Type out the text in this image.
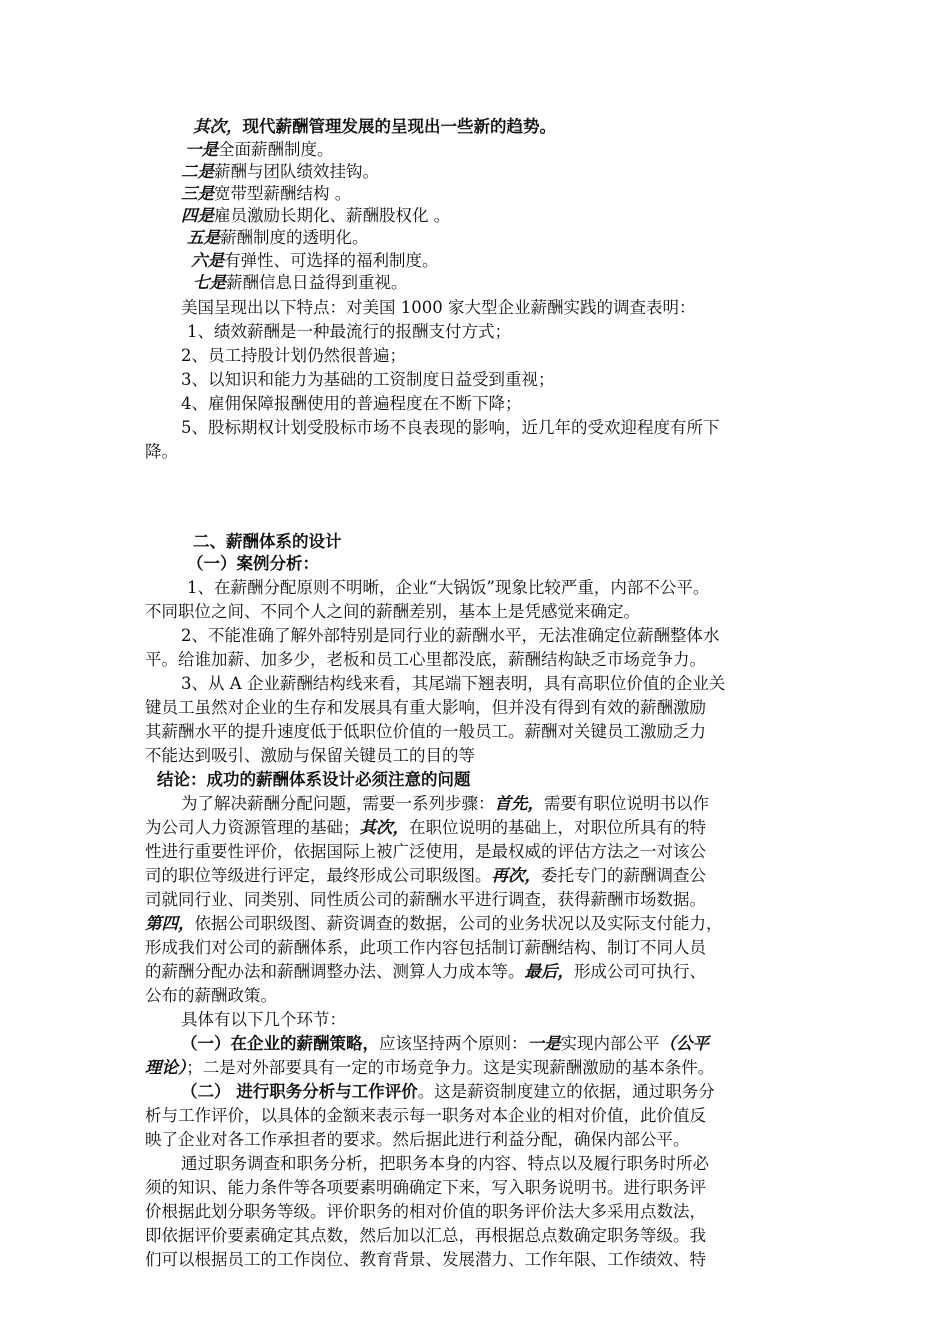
其次，现代薪酬管理发展的呈现出一些新的趋势。
一是全面薪酬制度。
二是薪酬与团队绩效挂钩。
三是宽带型薪酬结构 。
四是雇员激励长期化、薪酬股权化 。
五是薪酬制度的透明化。
六是有弹性、可选择的福利制度。
七是薪酬信息日益得到重视。
美国呈现出以下特点：对美国 1000 家大型企业薪酬实践的调查表明：
1、绩效薪酬是一种最流行的报酬支付方式；
2、员工持股计划仍然很普遍；
3、以知识和能力为基础的工资制度日益受到重视；
4、雇佣保障报酬使用的普遍程度在不断下降；
5、股标期权计划受股标市场不良表现的影响，近几年的受欢迎程度有所下
降。
二、薪酬体系的设计
（一）案例分析：
1、在薪酬分配原则不明晰，企业“大锅饭”现象比较严重，内部不公平。
不同职位之间、不同个人之间的薪酬差别，基本上是凭感觉来确定。
2、不能准确了解外部特别是同行业的薪酬水平，无法准确定位薪酬整体水
平。给谁加薪、加多少，老板和员工心里都没底，薪酬结构缺乏市场竞争力。
3、从 A 企业薪酬结构线来看，其尾端下翘表明，具有高职位价值的企业关
键员工虽然对企业的生存和发展具有重大影响，但并没有得到有效的薪酬激励
其薪酬水平的提升速度低于低职位价值的一般员工。薪酬对关键员工激励乏力
不能达到吸引、激励与保留关键员工的目的等
结论：成功的薪酬体系设计必须注意的问题
为了解决薪酬分配问题，需要一系列步骤：首先，需要有职位说明书以作
为公司人力资源管理的基础；其次，在职位说明的基础上，对职位所具有的特
性进行重要性评价，依据国际上被广泛使用，是最权威的评估方法之一对该公
司的职位等级进行评定，最终形成公司职级图。再次，委托专门的薪酬调查公
司就同行业、同类别、同性质公司的薪酬水平进行调查，获得薪酬市场数据。
第四，依据公司职级图、薪资调查的数据，公司的业务状况以及实际支付能力，
形成我们对公司的薪酬体系，此项工作内容包括制订薪酬结构、制订不同人员
的薪酬分配办法和薪酬调整办法、测算人力成本等。最后，形成公司可执行、
公布的薪酬政策。
具体有以下几个环节：
（一）在企业的薪酬策略，应该坚持两个原则：一是实现内部公平（公平
理论）；二是对外部要具有一定的市场竞争力。这是实现薪酬激励的基本条件。
（二） 进行职务分析与工作评价。这是薪资制度建立的依据，通过职务分
析与工作评价，以具体的金额来表示每一职务对本企业的相对价值，此价值反
映了企业对各工作承担者的要求。然后据此进行利益分配，确保内部公平。
通过职务调查和职务分析，把职务本身的内容、特点以及履行职务时所必
须的知识、能力条件等各项要素明确确定下来，写入职务说明书。进行职务评
价根据此划分职务等级。评价职务的相对价值的职务评价法大多采用点数法，
即依据评价要素确定其点数，然后加以汇总，再根据总点数确定职务等级。我
们可以根据员工的工作岗位、教育背景、发展潜力、工作年限、工作绩效、特
